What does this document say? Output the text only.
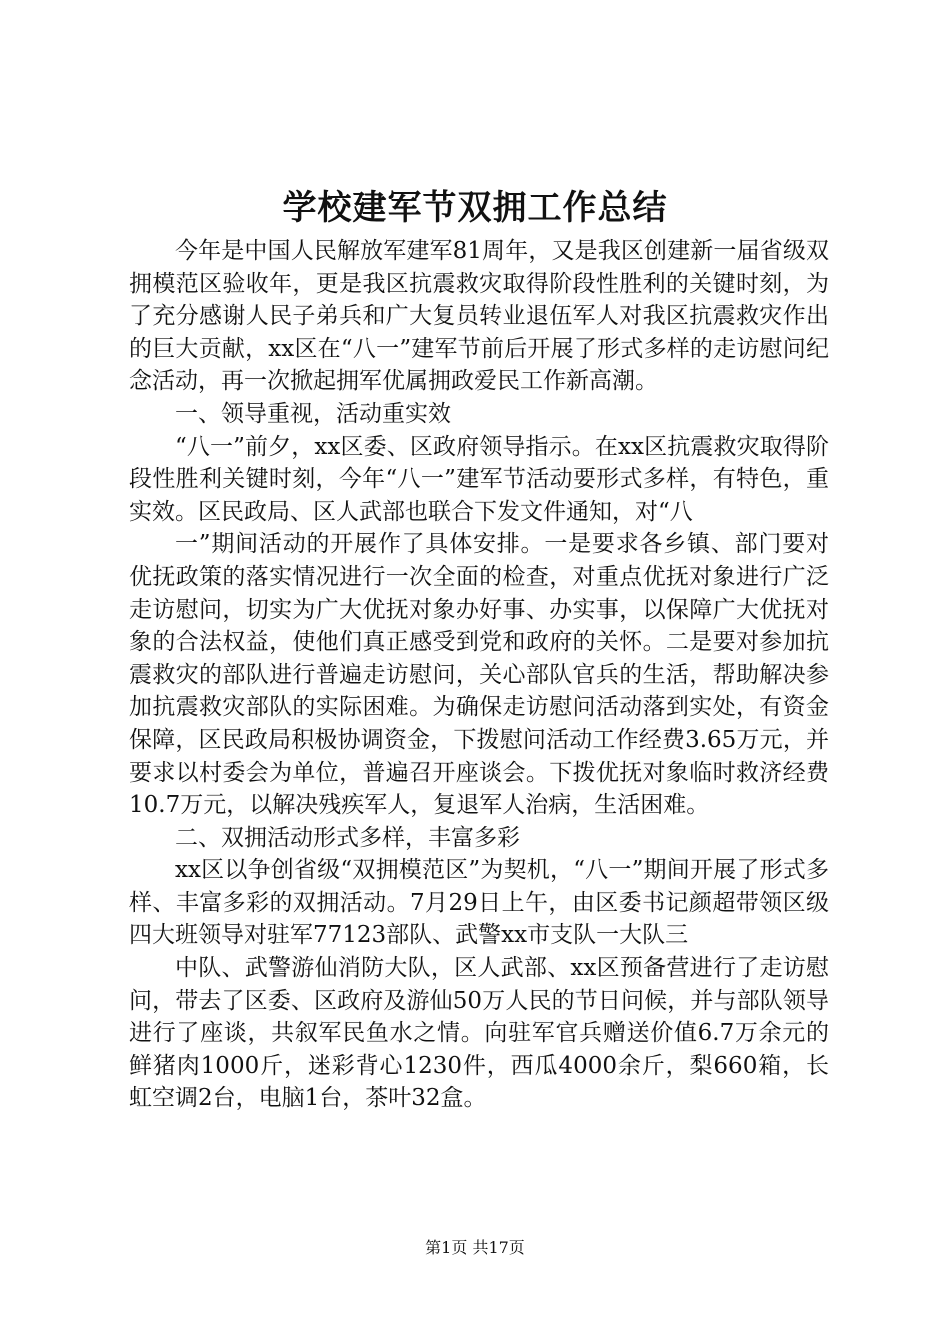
学校建军节双拥工作总结

今年是中国人民解放军建军81周年，又是我区创建新一届省级双拥模范区验收年，更是我区抗震救灾取得阶段性胜利的关键时刻，为了充分感谢人民子弟兵和广大复员转业退伍军人对我区抗震救灾作出的巨大贡献，xx区在“八一”建军节前后开展了形式多样的走访慰问纪念活动，再一次掀起拥军优属拥政爱民工作新高潮。

一、领导重视，活动重实效

“八一”前夕，xx区委、区政府领导指示。在xx区抗震救灾取得阶段性胜利关键时刻，今年“八一”建军节活动要形式多样，有特色，重实效。区民政局、区人武部也联合下发文件通知，对“八

一”期间活动的开展作了具体安排。一是要求各乡镇、部门要对优抚政策的落实情况进行一次全面的检查，对重点优抚对象进行广泛走访慰问，切实为广大优抚对象办好事、办实事，以保障广大优抚对象的合法权益，使他们真正感受到党和政府的关怀。二是要对参加抗震救灾的部队进行普遍走访慰问，关心部队官兵的生活，帮助解决参加抗震救灾部队的实际困难。为确保走访慰问活动落到实处，有资金保障，区民政局积极协调资金，下拨慰问活动工作经费3.65万元，并要求以村委会为单位，普遍召开座谈会。下拨优抚对象临时救济经费10.7万元，以解决残疾军人，复退军人治病，生活困难。

二、双拥活动形式多样，丰富多彩

xx区以争创省级“双拥模范区”为契机，“八一”期间开展了形式多样、丰富多彩的双拥活动。7月29日上午，由区委书记颜超带领区级四大班领导对驻军77123部队、武警xx市支队一大队三

中队、武警游仙消防大队，区人武部、xx区预备营进行了走访慰问，带去了区委、区政府及游仙50万人民的节日问候，并与部队领导进行了座谈，共叙军民鱼水之情。向驻军官兵赠送价值6.7万余元的鲜猪肉1000斤，迷彩背心1230件，西瓜4000余斤，梨660箱，长虹空调2台，电脑1台，茶叶32盒。

第1页 共17页
